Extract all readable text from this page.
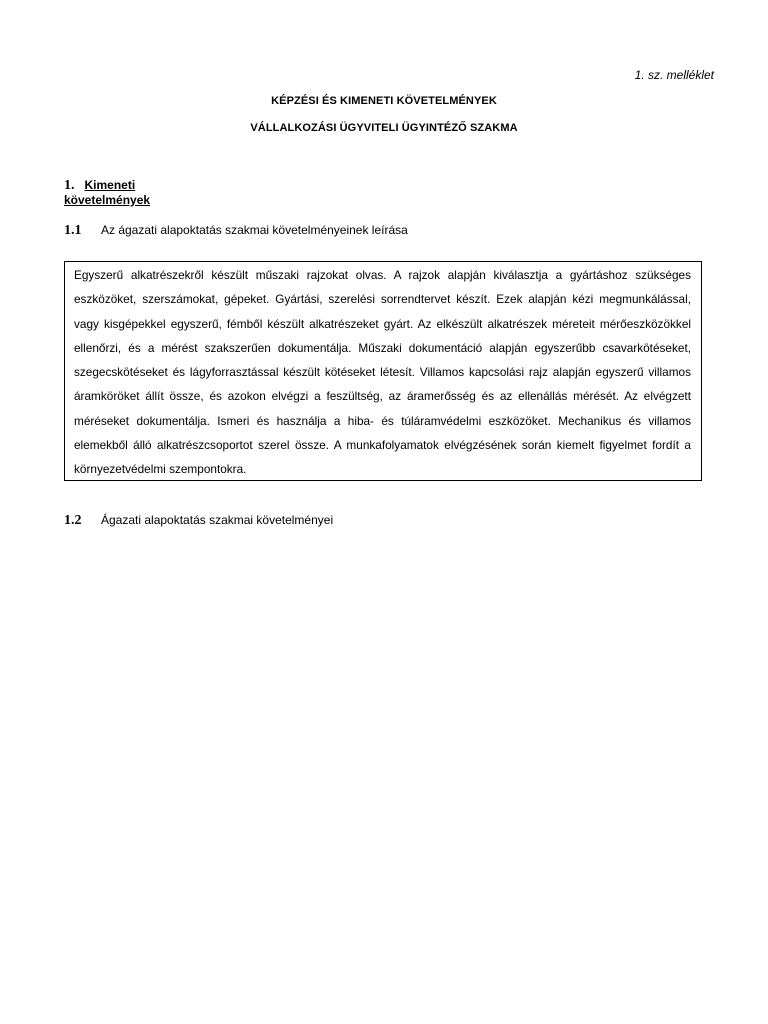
1. sz. melléklet
KÉPZÉSI ÉS KIMENETI KÖVETELMÉNYEK
VÁLLALKOZÁSI ÜGYVITELI ÜGYINTÉZŐ SZAKMA
1. Kimeneti
követelmények
1.1 Az ágazati alapoktatás szakmai követelményeinek leírása

Egyszerű alkatrészekről készült műszaki rajzokat olvas. A rajzok alapján kiválasztja a gyártáshoz szükséges eszközöket, szerszámokat, gépeket. Gyártási, szerelési sorrendtervet készít. Ezek alapján kézi megmunkálással, vagy kisgépekkel egyszerű, fémből készült alkatrészeket gyárt. Az elkészült alkatrészek méreteit mérőeszközökkel ellenőrzi, és a mérést szakszerűen dokumentálja. Műszaki dokumentáció alapján egyszerűbb csavarkötéseket, szegecskötéseket és lágyforrasztással készült kötéseket létesít. Villamos kapcsolási rajz alapján egyszerű villamos áramköröket állít össze, és azokon elvégzi a feszültség, az áramerősség és az ellenállás mérését. Az elvégzett méréseket dokumentálja. Ismeri és használja a hiba- és túláramvédelmi eszközöket. Mechanikus és villamos elemekből álló alkatrészcsoportot szerel össze. A munkafolyamatok elvégzésének során kiemelt figyelmet fordít a környezetvédelmi szempontokra.

1.2 Ágazati alapoktatás szakmai követelményei
